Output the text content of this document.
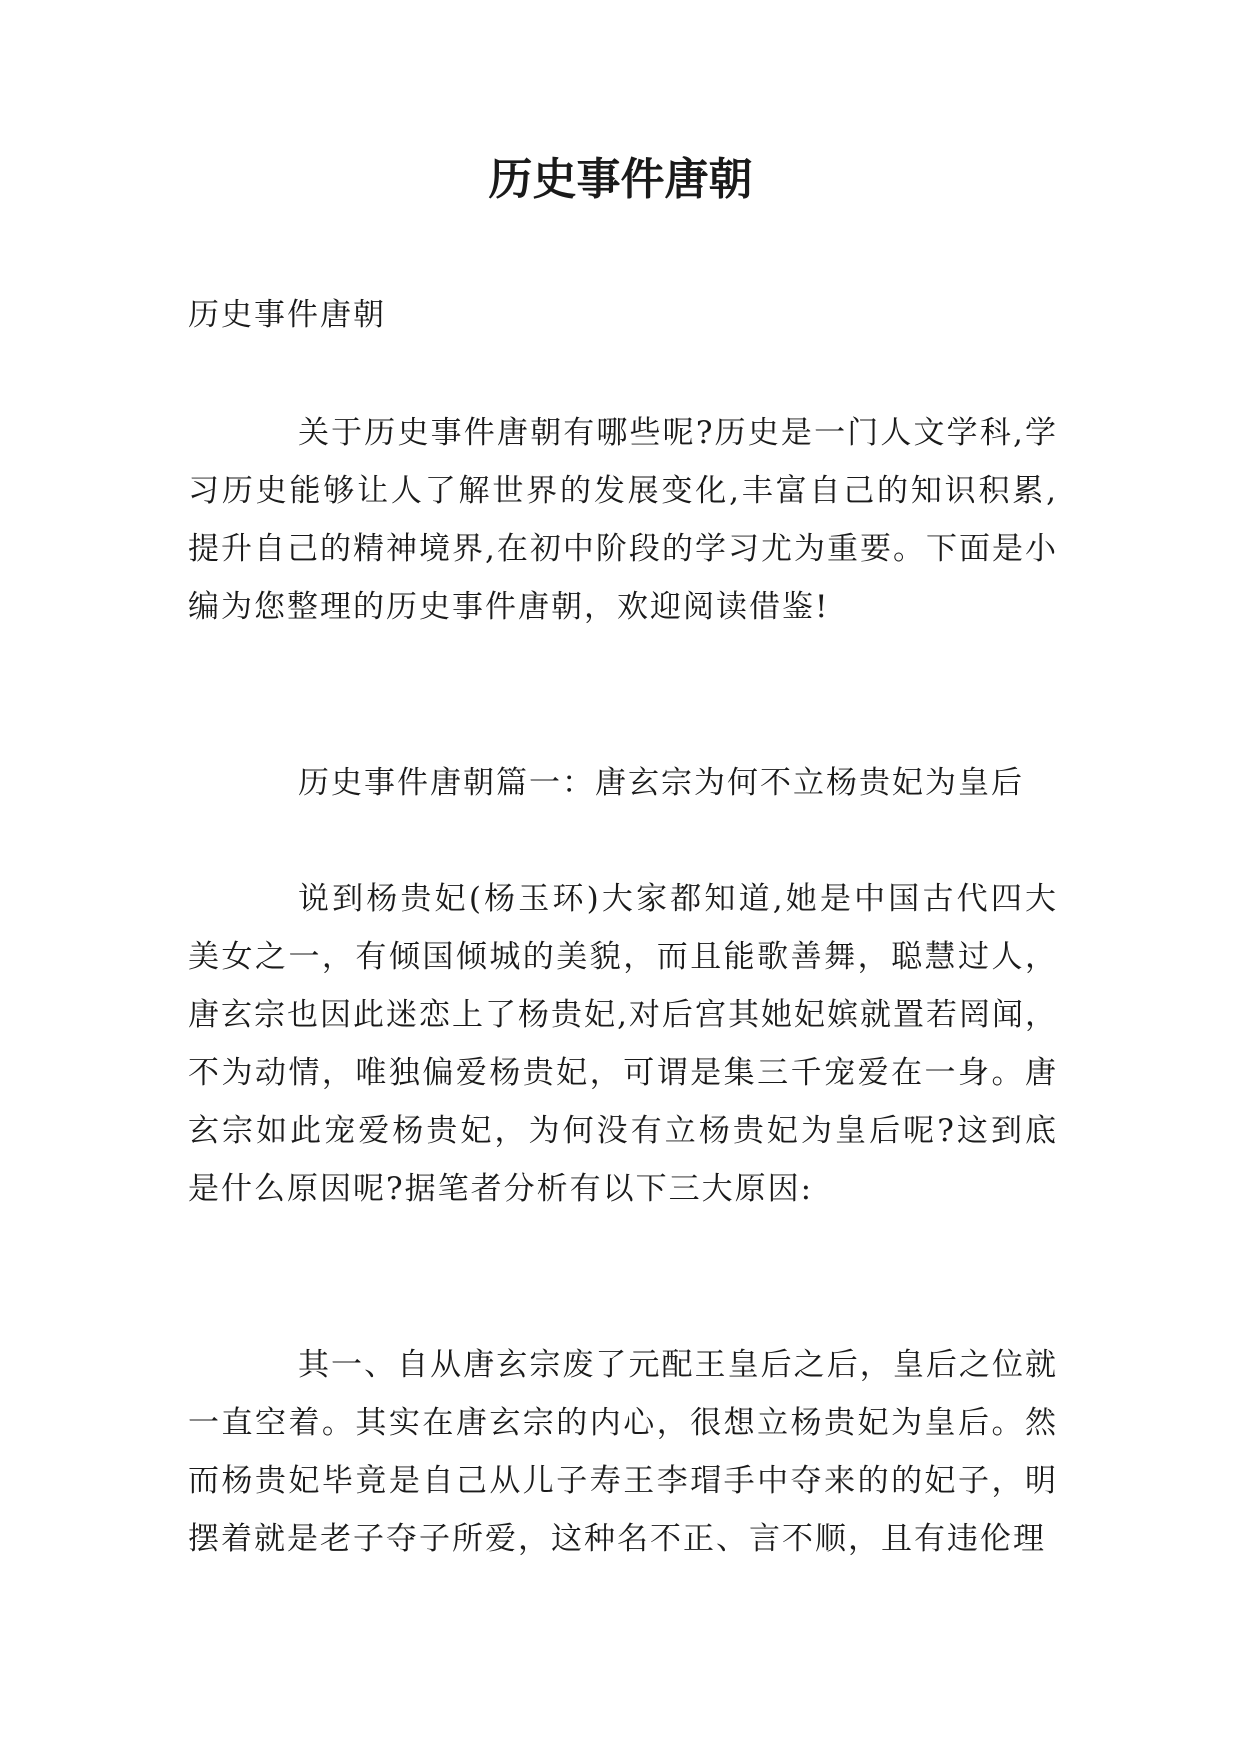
历史事件唐朝

历史事件唐朝

关于历史事件唐朝有哪些呢?历史是一门人文学科,学习历史能够让人了解世界的发展变化,丰富自己的知识积累,提升自己的精神境界,在初中阶段的学习尤为重要。下面是小编为您整理的历史事件唐朝，欢迎阅读借鉴!

历史事件唐朝篇一：唐玄宗为何不立杨贵妃为皇后

说到杨贵妃(杨玉环)大家都知道,她是中国古代四大美女之一，有倾国倾城的美貌，而且能歌善舞，聪慧过人，唐玄宗也因此迷恋上了杨贵妃,对后宫其她妃嫔就置若罔闻，不为动情，唯独偏爱杨贵妃，可谓是集三千宠爱在一身。唐玄宗如此宠爱杨贵妃，为何没有立杨贵妃为皇后呢?这到底是什么原因呢?据笔者分析有以下三大原因:

其一、自从唐玄宗废了元配王皇后之后，皇后之位就一直空着。其实在唐玄宗的内心，很想立杨贵妃为皇后。然而杨贵妃毕竟是自己从儿子寿王李瑁手中夺来的的妃子，明摆着就是老子夺子所爱，这种名不正、言不顺，且有违伦理
